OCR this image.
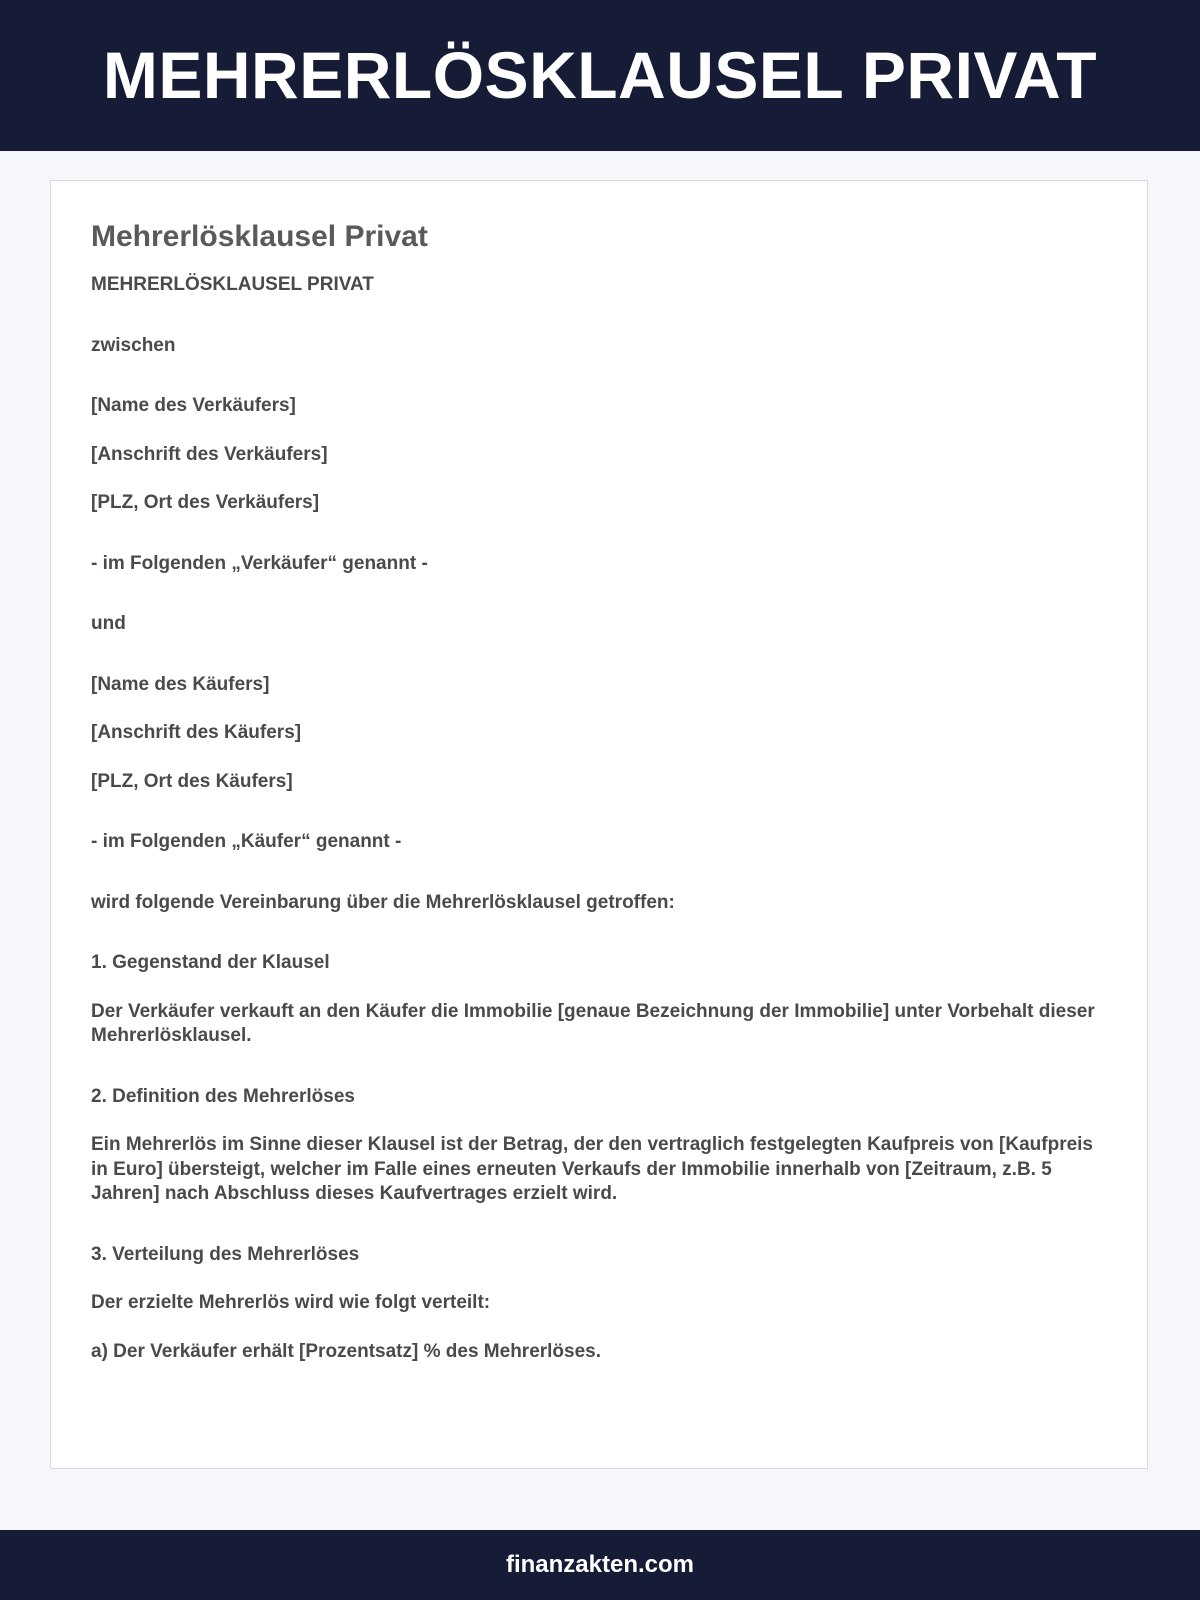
MEHRERLÖSKLAUSEL PRIVAT
Mehrerlösklausel Privat

MEHRERLÖSKLAUSEL PRIVAT

zwischen

[Name des Verkäufers]

[Anschrift des Verkäufers]

[PLZ, Ort des Verkäufers]

- im Folgenden „Verkäufer“ genannt -

und

[Name des Käufers]

[Anschrift des Käufers]

[PLZ, Ort des Käufers]

- im Folgenden „Käufer“ genannt -

wird folgende Vereinbarung über die Mehrerlösklausel getroffen:

1. Gegenstand der Klausel

Der Verkäufer verkauft an den Käufer die Immobilie [genaue Bezeichnung der Immobilie] unter Vorbehalt dieser Mehrerlösklausel.

2. Definition des Mehrerlöses

Ein Mehrerlös im Sinne dieser Klausel ist der Betrag, der den vertraglich festgelegten Kaufpreis von [Kaufpreis in Euro] übersteigt, welcher im Falle eines erneuten Verkaufs der Immobilie innerhalb von [Zeitraum, z.B. 5 Jahren] nach Abschluss dieses Kaufvertrages erzielt wird.

3. Verteilung des Mehrerlöses

Der erzielte Mehrerlös wird wie folgt verteilt:

a) Der Verkäufer erhält [Prozentsatz] % des Mehrerlöses.

finanzakten.com
